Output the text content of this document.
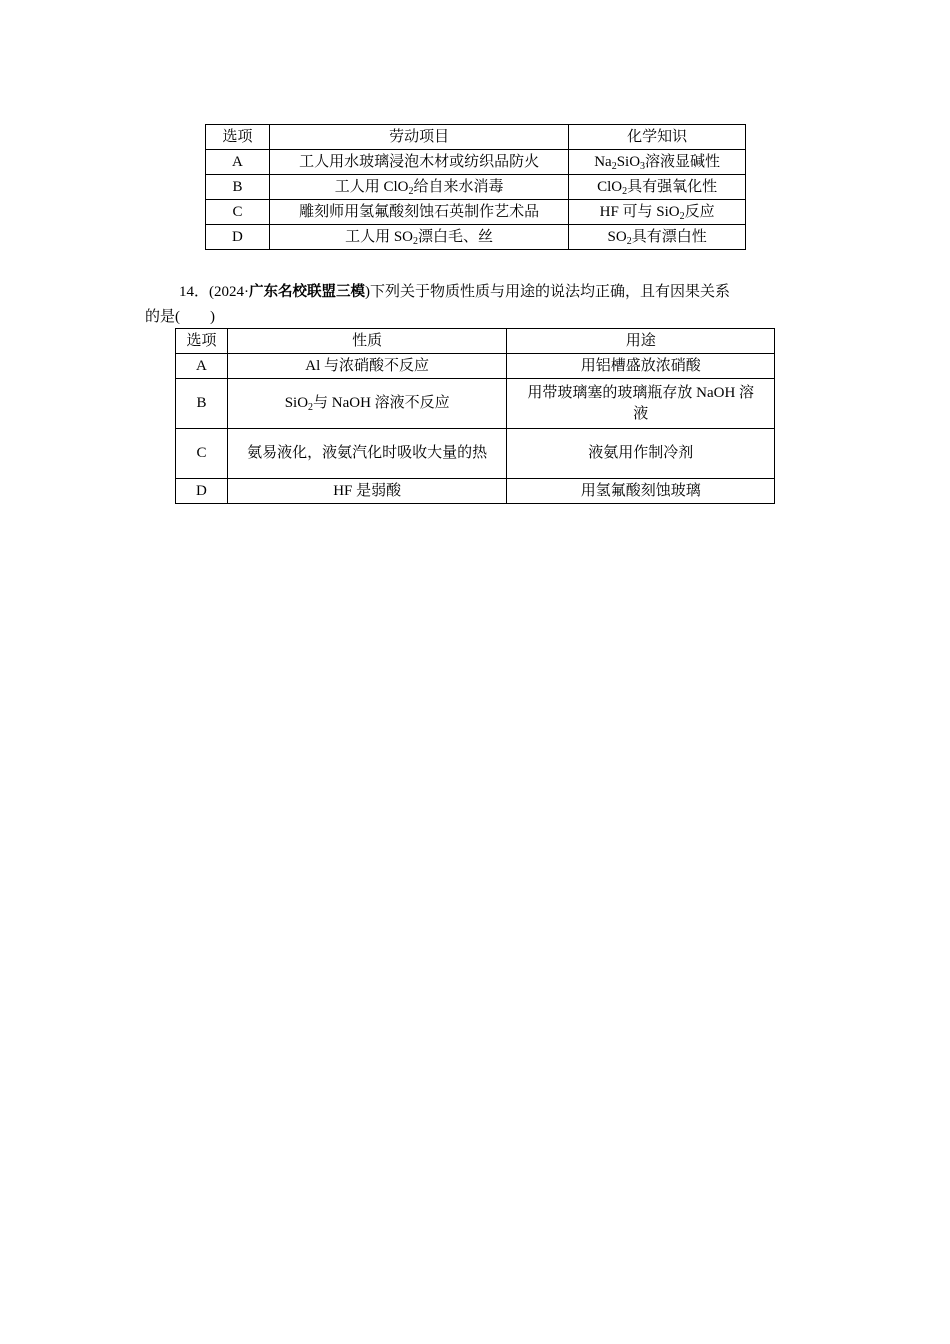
选项	劳动项目	化学知识
A	工人用水玻璃浸泡木材或纺织品防火	$Na_2SiO_3$溶液显碱性
B	工人用 ClO$_2$给自来水消毒	ClO$_2$具有强氧化性
C	雕刻师用氢氟酸刻蚀石英制作艺术品	HF 可与 SiO$_2$反应
D	工人用 $SO_2$漂白毛、丝	$SO_2$具有漂白性
14．(2024·广东名校联盟三模)下列关于物质性质与用途的说法均正确，且有因果关系
的是(　　)
选项	性质	用途
A	Al 与浓硝酸不反应	用铝槽盛放浓硝酸
B	SiO$_2$与 NaOH 溶液不反应	用带玻璃塞的玻璃瓶存放 NaOH 溶液
C	氨易液化，液氨汽化时吸收大量的热	液氨用作制冷剂
D	HF 是弱酸	用氢氟酸刻蚀玻璃
